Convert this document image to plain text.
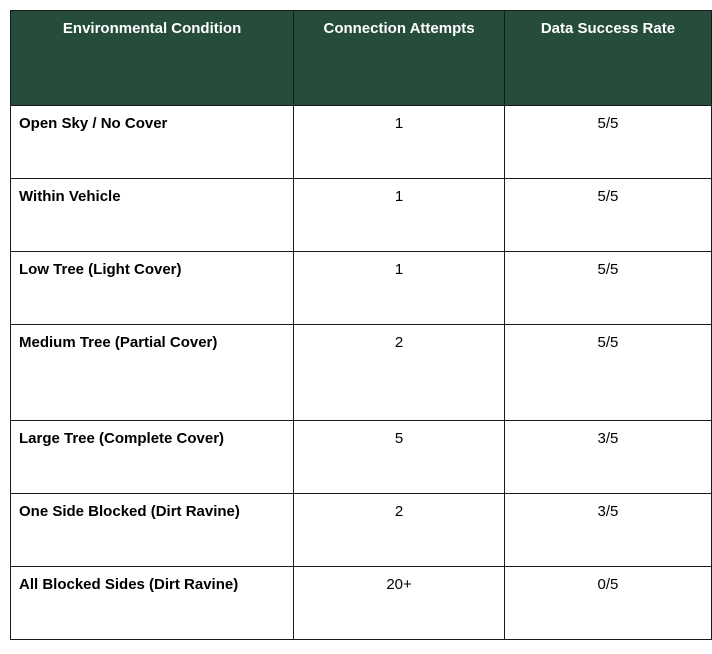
Environmental Condition	Connection Attempts	Data Success Rate
Open Sky / No Cover	1	5/5
Within Vehicle	1	5/5
Low Tree (Light Cover)	1	5/5
Medium Tree (Partial Cover)	2	5/5
Large Tree (Complete Cover)	5	3/5
One Side Blocked (Dirt Ravine)	2	3/5
All Blocked Sides (Dirt Ravine)	20+	0/5
